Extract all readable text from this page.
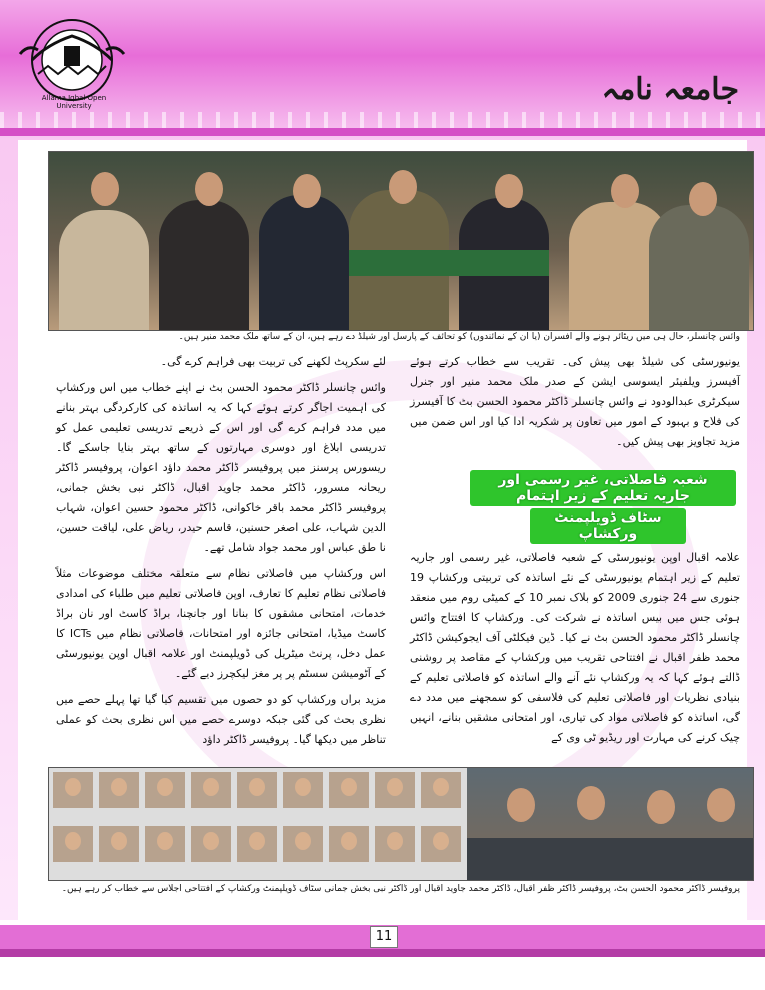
Allama Iqbal Open University	جامعہ نامہ
وائس چانسلر، حال ہی میں ریٹائر ہونے والے افسران (یا ان کے نمائندوں) کو تحائف کے پارسل اور شیلڈ دے رہے ہیں، ان کے ساتھ ملک محمد منیر ہیں۔

یونیورسٹی کی شیلڈ بھی پیش کی۔ تقریب سے خطاب کرتے ہوئے آفیسرز ویلفیئر ایسوسی ایشن کے صدر ملک محمد منیر اور جنرل سیکرٹری عبدالودود نے وائس چانسلر ڈاکٹر محمود الحسن بٹ کا آفیسرز کی فلاح و بہبود کے امور میں تعاون پر شکریہ ادا کیا اور اس ضمن میں مزید تجاویز بھی پیش کیں۔

شعبہ فاصلاتی، غیر رسمی اور جاریہ تعلیم کے زیر اہتمام
سٹاف ڈویلپمنٹ ورکشاپ

علامہ اقبال اوپن یونیورسٹی کے شعبہ فاصلاتی، غیر رسمی اور جاریہ تعلیم کے زیر اہتمام یونیورسٹی کے نئے اساتذہ کی تربیتی ورکشاپ 19 جنوری سے 24 جنوری 2009 کو بلاک نمبر 10 کے کمیٹی روم میں منعقد ہوئی جس میں بیس اساتذہ نے شرکت کی۔ ورکشاپ کا افتتاح وائس چانسلر ڈاکٹر محمود الحسن بٹ نے کیا۔ ڈین فیکلٹی آف ایجوکیشن ڈاکٹر محمد ظفر اقبال نے افتتاحی تقریب میں ورکشاپ کے مقاصد پر روشنی ڈالتے ہوئے کہا کہ یہ ورکشاپ نئے آنے والے اساتذہ کو فاصلاتی تعلیم کے بنیادی نظریات اور فاصلاتی تعلیم کی فلاسفی کو سمجھنے میں مدد دے گی، اساتذہ کو فاصلاتی مواد کی تیاری، اور امتحانی مشقیں بنانے، انہیں چیک کرنے کی مہارت اور ریڈیو ٹی وی کے

لئے سکرپٹ لکھنے کی تربیت بھی فراہم کرے گی۔

وائس چانسلر ڈاکٹر محمود الحسن بٹ نے اپنے خطاب میں اس ورکشاپ کی اہمیت اجاگر کرتے ہوئے کہا کہ یہ اساتذہ کی کارکردگی بہتر بنانے میں مدد فراہم کرے گی اور اس کے ذریعے تدریسی تعلیمی عمل کو تدریسی ابلاغ اور دوسری مہارتوں کے ساتھ بہتر بنایا جاسکے گا۔ ریسورس پرسنز میں پروفیسر ڈاکٹر محمد داؤد اعوان، پروفیسر ڈاکٹر ریحانہ مسرور، ڈاکٹر محمد جاوید اقبال، ڈاکٹر نبی بخش جمانی، پروفیسر ڈاکٹر محمد باقر خاکوانی، ڈاکٹر محمود حسین اعوان، شہاب الدین شہاب، علی اصغر حسنین، قاسم حیدر، ریاض علی، لیاقت حسین، نا طق عباس اور محمد جواد شامل تھے۔

اس ورکشاپ میں فاصلاتی نظام سے متعلقہ مختلف موضوعات مثلاً فاصلاتی نظام تعلیم کا تعارف، اوپن فاصلاتی تعلیم میں طلباء کی امدادی خدمات، امتحانی مشقوں کا بنانا اور جانچنا، براڈ کاسٹ اور نان براڈ کاسٹ میڈیا، امتحانی جائزہ اور امتحانات، فاصلاتی نظام میں ICTs کا عمل دخل، پرنٹ میٹریل کی ڈویلپمنٹ اور علامہ اقبال اوپن یونیورسٹی کے آٹومیشن سسٹم پر پر مغز لیکچرز دیے گئے۔

مزید براں ورکشاپ کو دو حصوں میں تقسیم کیا گیا تھا پہلے حصے میں نظری بحث کی گئی جبکہ دوسرے حصے میں اس نظری بحث کو عملی تناظر میں دیکھا گیا۔ پروفیسر ڈاکٹر داؤد

پروفیسر ڈاکٹر محمود الحسن بٹ، پروفیسر ڈاکٹر ظفر اقبال، ڈاکٹر محمد جاوید اقبال اور ڈاکٹر نبی بخش جمانی سٹاف ڈویلپمنٹ ورکشاپ کے افتتاحی اجلاس سے خطاب کر رہے ہیں۔
11
